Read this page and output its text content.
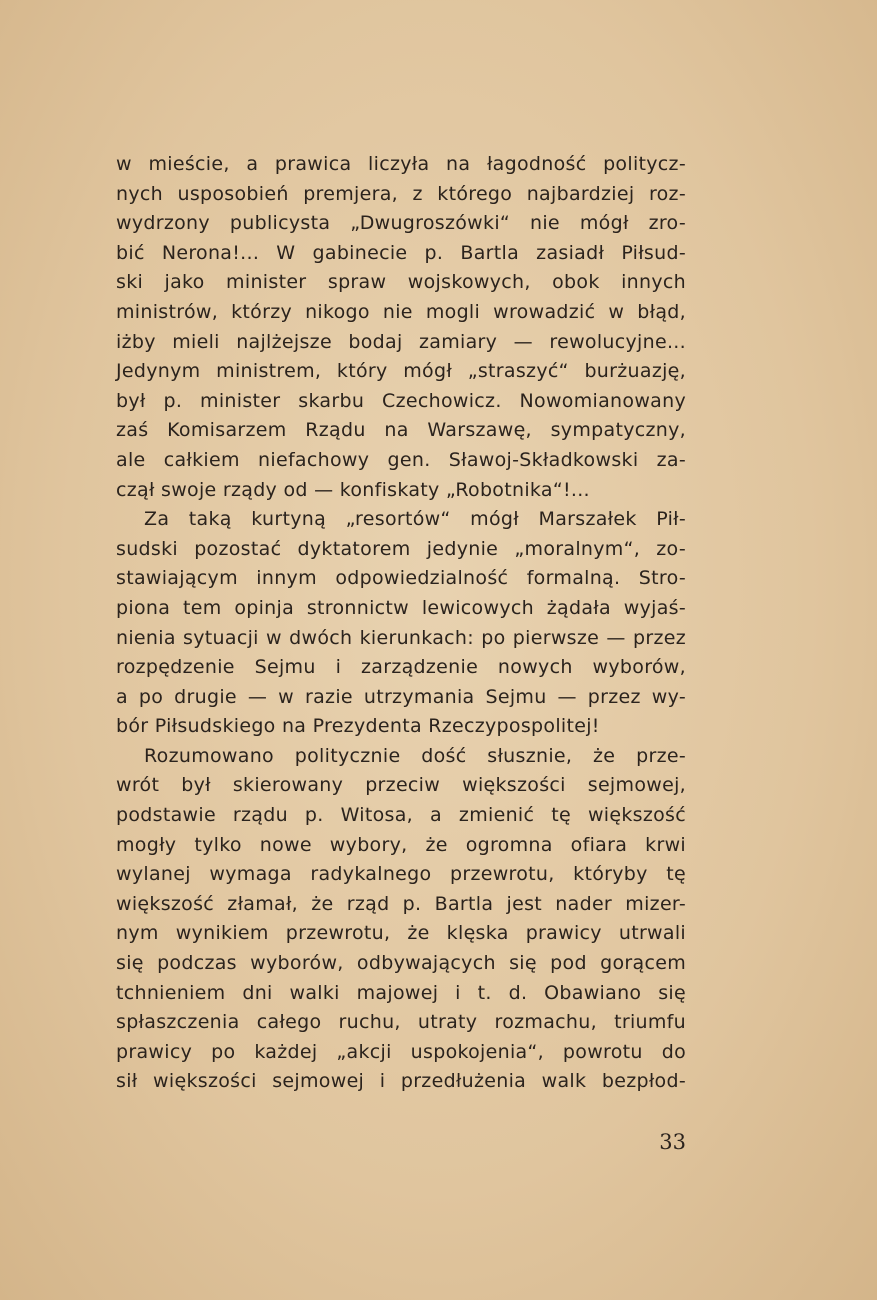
w mieście, a prawica liczyła na łagodność politycz-
nych usposobień premjera, z którego najbardziej roz-
wydrzony publicysta „Dwugroszówki“ nie mógł zro-
bić Nerona!... W gabinecie p. Bartla zasiadł Piłsud-
ski jako minister spraw wojskowych, obok innych
ministrów, którzy nikogo nie mogli wrowadzić w błąd,
iżby mieli najlżejsze bodaj zamiary — rewolucyjne...
Jedynym ministrem, który mógł „straszyć“ burżuazję,
był p. minister skarbu Czechowicz. Nowomianowany
zaś Komisarzem Rządu na Warszawę, sympatyczny,
ale całkiem niefachowy gen. Sławoj-Składkowski za-
czął swoje rządy od — konfiskaty „Robotnika“!...
Za taką kurtyną „resortów“ mógł Marszałek Pił-
sudski pozostać dyktatorem jedynie „moralnym“, zo-
stawiającym innym odpowiedzialność formalną. Stro-
piona tem opinja stronnictw lewicowych żądała wyjaś-
nienia sytuacji w dwóch kierunkach: po pierwsze — przez
rozpędzenie Sejmu i zarządzenie nowych wyborów,
a po drugie — w razie utrzymania Sejmu — przez wy-
bór Piłsudskiego na Prezydenta Rzeczypospolitej!
Rozumowano politycznie dość słusznie, że prze-
wrót był skierowany przeciw większości sejmowej,
podstawie rządu p. Witosa, a zmienić tę większość
mogły tylko nowe wybory, że ogromna ofiara krwi
wylanej wymaga radykalnego przewrotu, któryby tę
większość złamał, że rząd p. Bartla jest nader mizer-
nym wynikiem przewrotu, że klęska prawicy utrwali
się podczas wyborów, odbywających się pod gorącem
tchnieniem dni walki majowej i t. d. Obawiano się
spłaszczenia całego ruchu, utraty rozmachu, triumfu
prawicy po każdej „akcji uspokojenia“, powrotu do
sił większości sejmowej i przedłużenia walk bezpłod-
33
